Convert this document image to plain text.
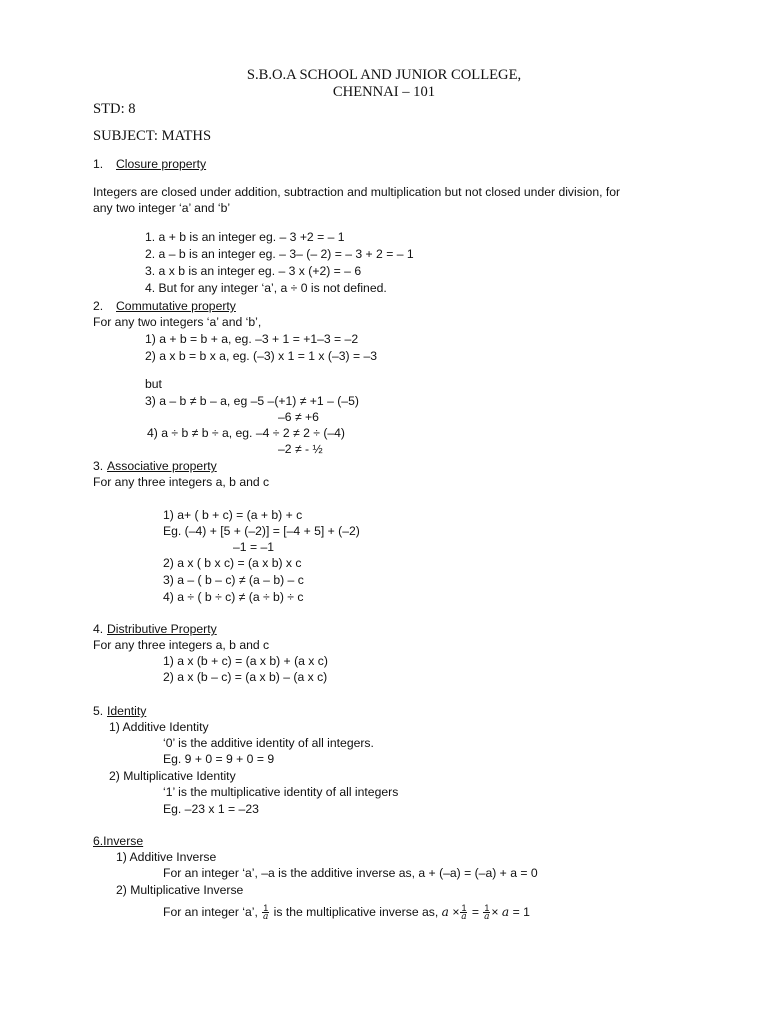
S.B.O.A SCHOOL AND JUNIOR COLLEGE,
CHENNAI – 101
STD: 8
SUBJECT: MATHS
1. Closure property
Integers are closed under addition, subtraction and multiplication but not closed under division, for
any two integer ‘a’ and ‘b’
1. a + b is an integer eg. – 3 +2 = – 1
2. a – b is an integer eg. – 3– (– 2) = – 3 + 2 = – 1
3. a x b is an integer eg. – 3 x (+2) = – 6
4. But for any integer ‘a’, a ÷ 0 is not defined.
2. Commutative property
For any two integers ‘a’ and ‘b’,
1) a + b = b + a, eg. –3 + 1 = +1–3 = –2
2) a x b = b x a, eg. (–3) x 1 = 1 x (–3) = –3
but
3) a – b ≠ b – a, eg –5 –(+1) ≠ +1 – (–5)
–6 ≠ +6
4) a ÷ b ≠ b ÷ a, eg. –4 ÷ 2 ≠ 2 ÷ (–4)
–2 ≠ - ½
3. Associative property
For any three integers a, b and c
1) a+ ( b + c) = (a + b) + c
Eg. (–4) + [5 + (–2)] = [–4 + 5] + (–2)
–1 = –1
2) a x ( b x c) = (a x b) x c
3) a – ( b – c) ≠ (a – b) – c
4) a ÷ ( b ÷ c) ≠ (a ÷ b) ÷ c
4. Distributive Property
For any three integers a, b and c
1) a x (b + c) = (a x b) + (a x c)
2) a x (b – c) = (a x b) – (a x c)
5. Identity
1) Additive Identity
‘0’ is the additive identity of all integers.
Eg. 9 + 0 = 9 + 0 = 9
2) Multiplicative Identity
‘1’ is the multiplicative identity of all integers
Eg. –23 x 1 = –23
6.Inverse
1) Additive Inverse
For an integer ‘a’, –a is the additive inverse as, a + (–a) = (–a) + a = 0
2) Multiplicative Inverse
For an integer ‘a’, $\frac{1}{a}$ is the multiplicative inverse as, $a \times \frac{1}{a} = \frac{1}{a} \times a = 1$
